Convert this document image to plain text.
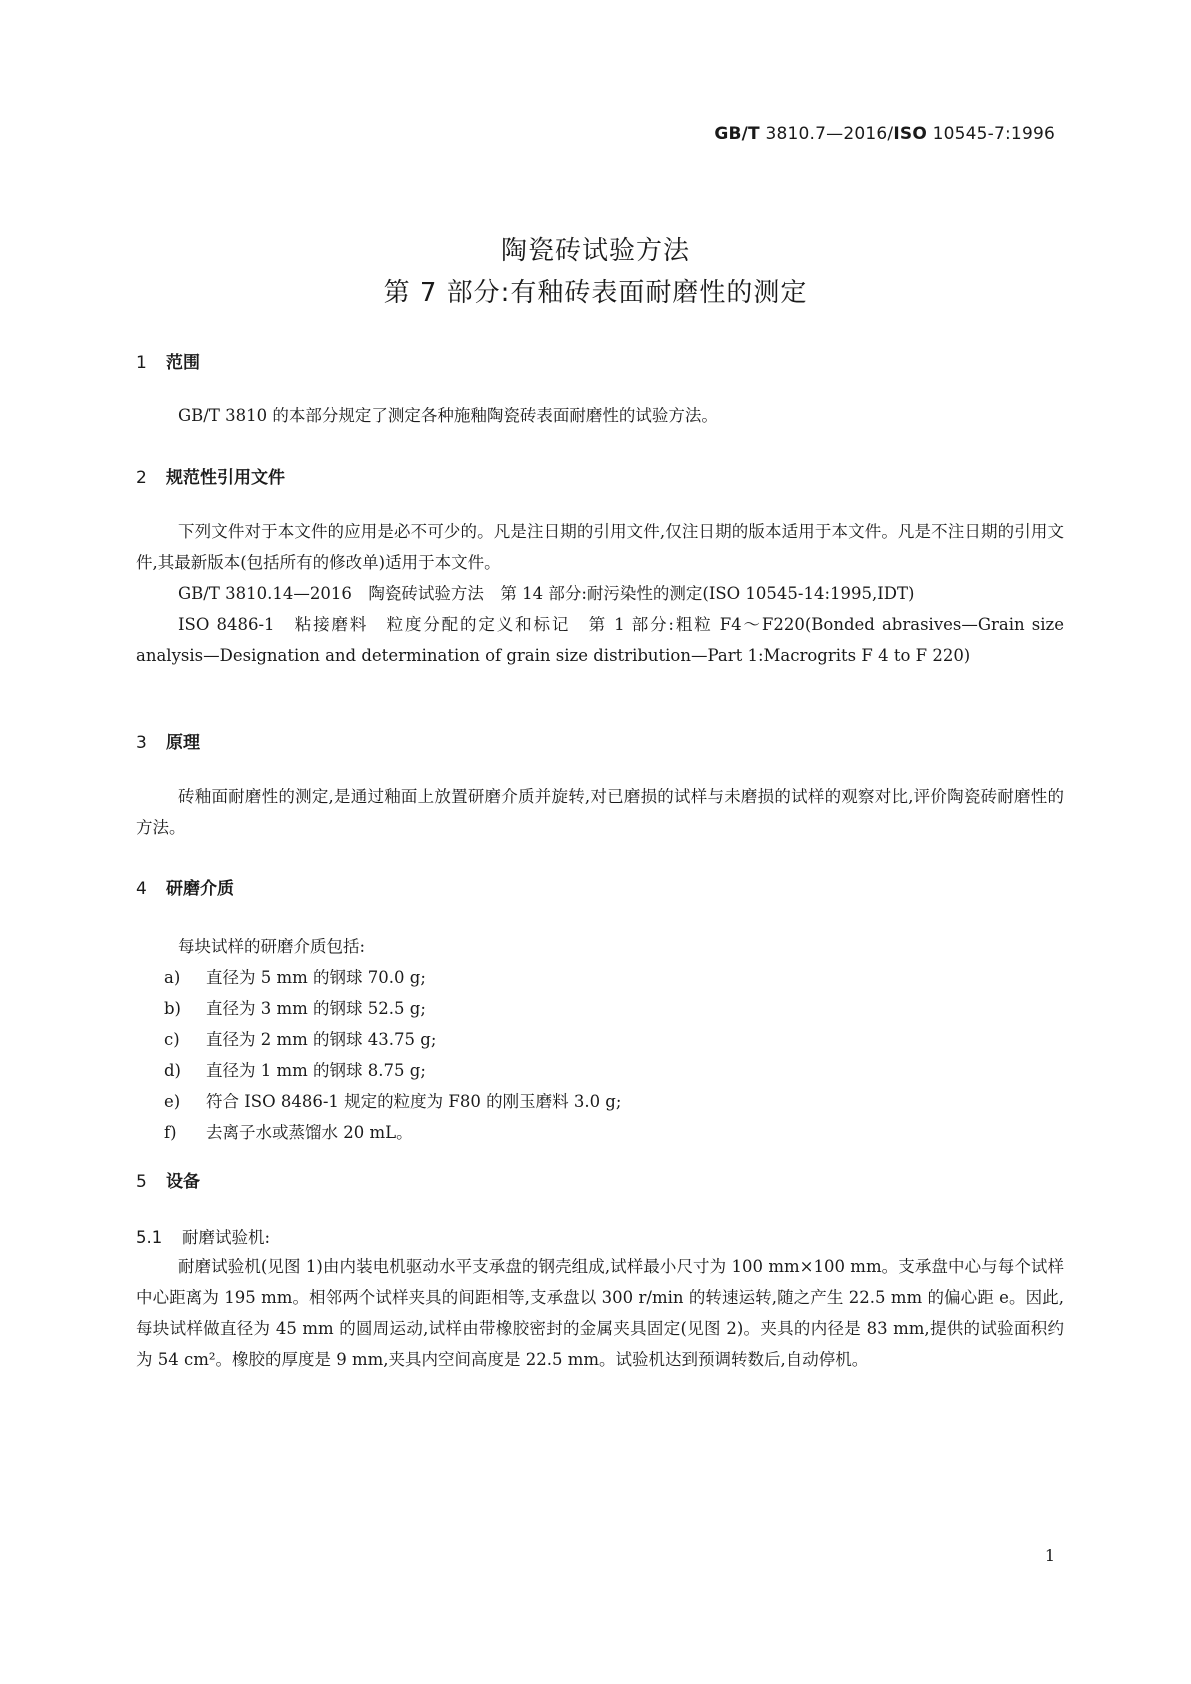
GB/T 3810.7—2016/ISO 10545-7:1996
陶瓷砖试验方法
第 7 部分:有釉砖表面耐磨性的测定
1 范围
GB/T 3810 的本部分规定了测定各种施釉陶瓷砖表面耐磨性的试验方法。
2 规范性引用文件
下列文件对于本文件的应用是必不可少的。凡是注日期的引用文件,仅注日期的版本适用于本文件。凡是不注日期的引用文件,其最新版本(包括所有的修改单)适用于本文件。
GB/T 3810.14—2016　陶瓷砖试验方法　第 14 部分:耐污染性的测定(ISO 10545-14:1995,IDT)
ISO 8486-1　粘接磨料　粒度分配的定义和标记　第 1 部分:粗粒 F4～F220(Bonded abrasives—Grain size analysis—Designation and determination of grain size distribution—Part 1:Macrogrits F 4 to F 220)
3 原理
砖釉面耐磨性的测定,是通过釉面上放置研磨介质并旋转,对已磨损的试样与未磨损的试样的观察对比,评价陶瓷砖耐磨性的方法。
4 研磨介质
每块试样的研磨介质包括:
a) 直径为 5 mm 的钢球 70.0 g;
b) 直径为 3 mm 的钢球 52.5 g;
c) 直径为 2 mm 的钢球 43.75 g;
d) 直径为 1 mm 的钢球 8.75 g;
e) 符合 ISO 8486-1 规定的粒度为 F80 的刚玉磨料 3.0 g;
f) 去离子水或蒸馏水 20 mL。
5 设备
5.1 耐磨试验机:
耐磨试验机(见图 1)由内装电机驱动水平支承盘的钢壳组成,试样最小尺寸为 100 mm×100 mm。支承盘中心与每个试样中心距离为 195 mm。相邻两个试样夹具的间距相等,支承盘以 300 r/min 的转速运转,随之产生 22.5 mm 的偏心距 e。因此,每块试样做直径为 45 mm 的圆周运动,试样由带橡胶密封的金属夹具固定(见图 2)。夹具的内径是 83 mm,提供的试验面积约为 54 cm²。橡胶的厚度是 9 mm,夹具内空间高度是 22.5 mm。试验机达到预调转数后,自动停机。
1
